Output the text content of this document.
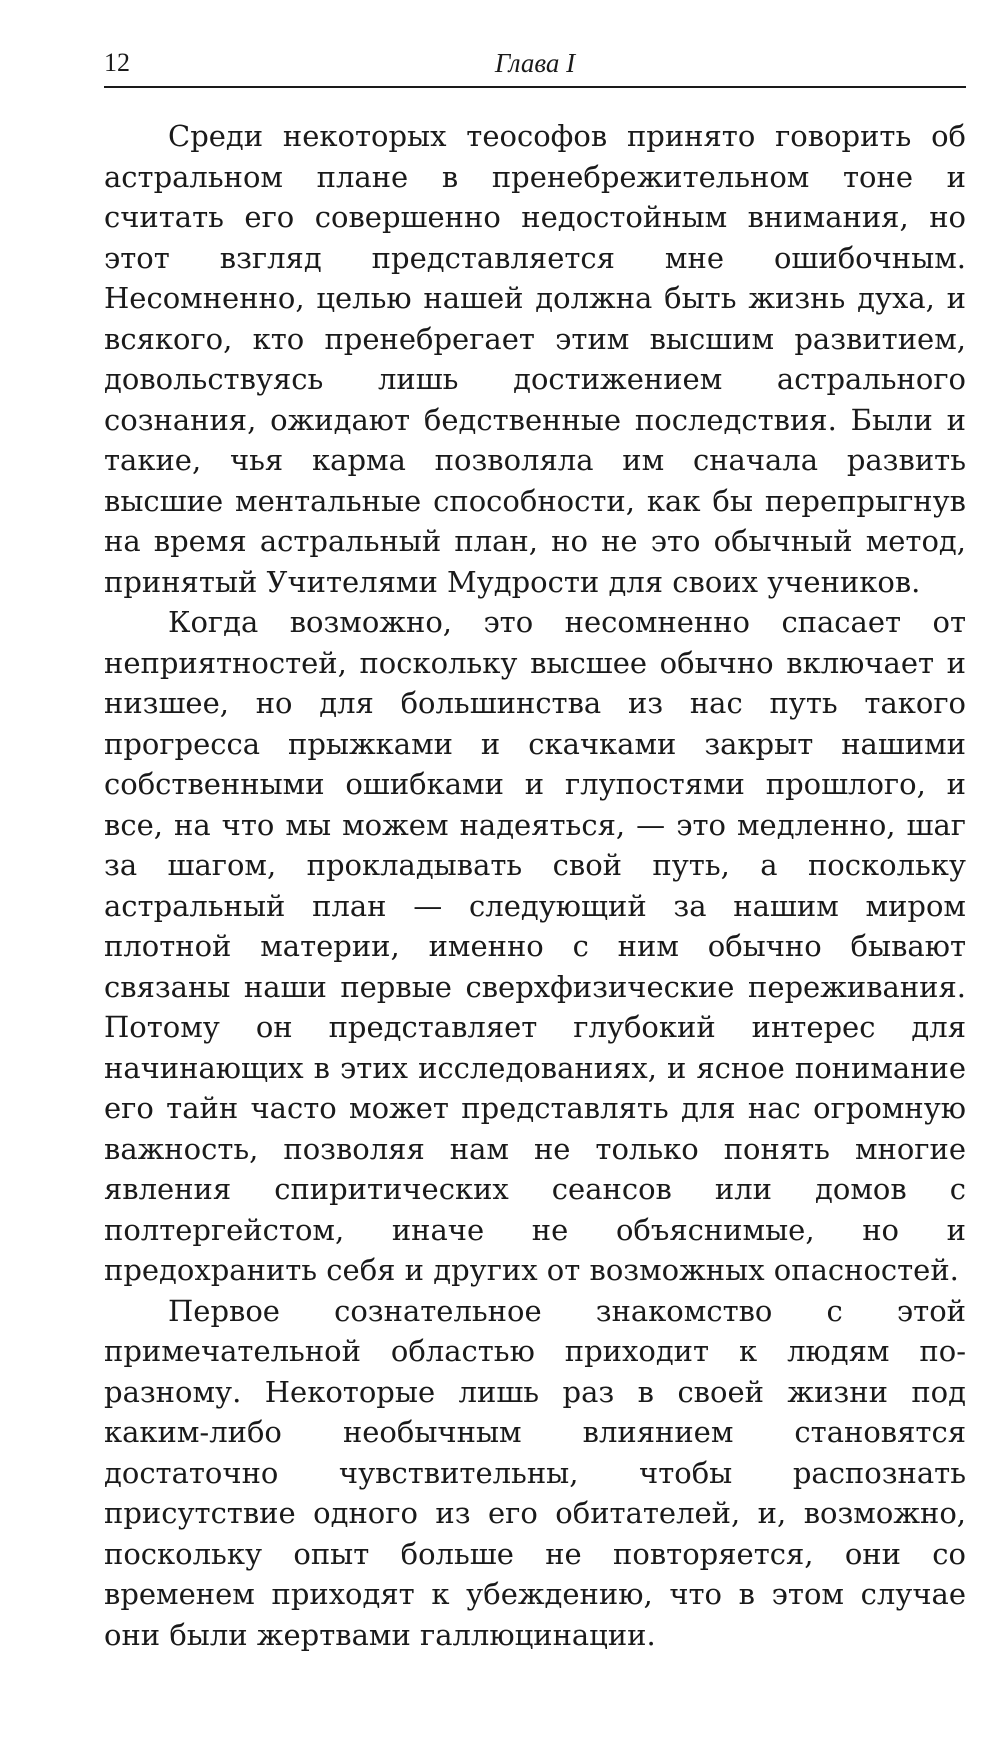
12	Глава I

Среди некоторых теософов принято говорить об астральном плане в пренебрежительном тоне и считать его совершенно недостойным внимания, но этот взгляд представляется мне ошибочным. Несомненно, целью нашей должна быть жизнь духа, и всякого, кто пренебрегает этим высшим развитием, довольствуясь лишь достижением астрального сознания, ожидают бедственные последствия. Были и такие, чья карма позволяла им сначала развить высшие ментальные способности, как бы перепрыгнув на время астральный план, но не это обычный метод, принятый Учителями Мудрости для своих учеников.

Когда возможно, это несомненно спасает от неприятностей, поскольку высшее обычно включает и низшее, но для большинства из нас путь такого прогресса прыжками и скачками закрыт нашими собственными ошибками и глупостями прошлого, и все, на что мы можем надеяться, — это медленно, шаг за шагом, прокладывать свой путь, а поскольку астральный план — следующий за нашим миром плотной материи, именно с ним обычно бывают связаны наши первые сверхфизические переживания. Потому он представляет глубокий интерес для начинающих в этих исследованиях, и ясное понимание его тайн часто может представлять для нас огромную важность, позволяя нам не только понять многие явления спиритических сеансов или домов с полтергейстом, иначе не объяснимые, но и предохранить себя и других от возможных опасностей.

Первое сознательное знакомство с этой примечательной областью приходит к людям по-разному. Некоторые лишь раз в своей жизни под каким-либо необычным влиянием становятся достаточно чувствительны, чтобы распознать присутствие одного из его обитателей, и, возможно, поскольку опыт больше не повторяется, они со временем приходят к убеждению, что в этом случае они были жертвами галлюцинации.
